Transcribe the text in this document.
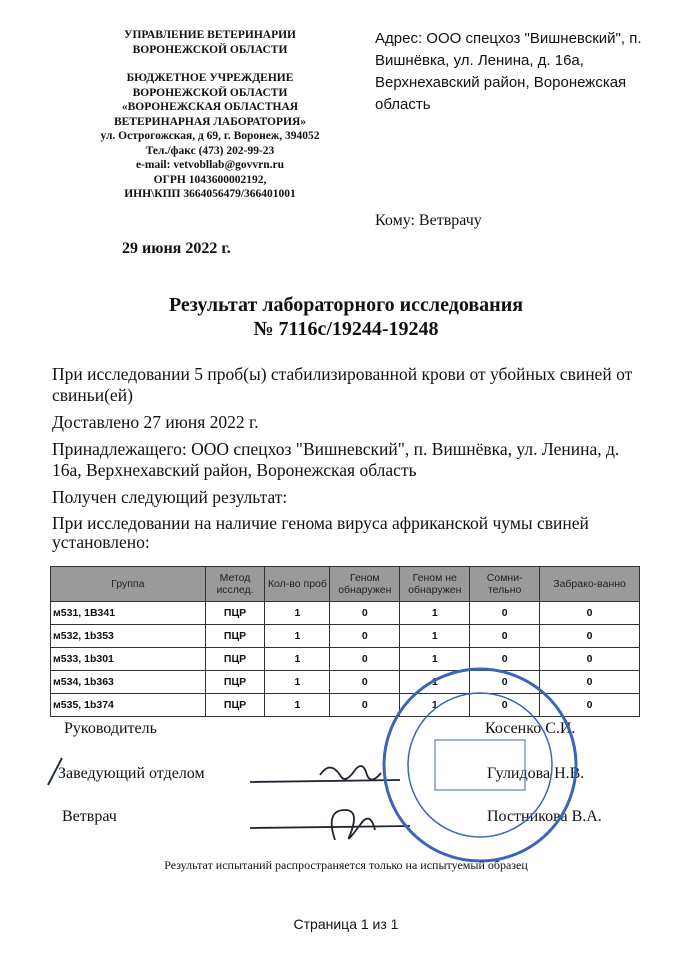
УПРАВЛЕНИЕ ВЕТЕРИНАРИИ
ВОРОНЕЖСКОЙ ОБЛАСТИ
БЮДЖЕТНОЕ УЧРЕЖДЕНИЕ
ВОРОНЕЖСКОЙ ОБЛАСТИ
«ВОРОНЕЖСКАЯ ОБЛАСТНАЯ
ВЕТЕРИНАРНАЯ ЛАБОРАТОРИЯ»
ул. Острогожская, д 69, г. Воронеж, 394052
Тел./факс (473) 202-99-23
e-mail: vetvobllab@govvrn.ru
ОГРН 1043600002192,
ИНН\КПП 3664056479/366401001
Адрес: ООО спецхоз "Вишневский", п. Вишнёвка, ул. Ленина, д. 16а, Верхнехавский район, Воронежская область
Кому: Ветврачу
29 июня 2022 г.
Результат лабораторного исследования
№ 7116с/19244-19248

При исследовании 5 проб(ы) стабилизированной крови от убойных свиней от свиньи(ей)

Доставлено 27 июня 2022 г.

Принадлежащего: ООО спецхоз "Вишневский", п. Вишнёвка, ул. Ленина, д. 16а, Верхнехавский район, Воронежская область

Получен следующий результат:

При исследовании на наличие генома вируса африканской чумы свиней установлено:

Группа	Метод исслед.	Кол-во проб	Геном обнаружен	Геном не обнаружен	Сомни-тельно	Забрако-ванно
м531, 1В341	ПЦР	1	0	1	0	0
м532, 1b353	ПЦР	1	0	1	0	0
м533, 1b301	ПЦР	1	0	1	0	0
м534, 1b363	ПЦР	1	0	1	0	0
м535, 1b374	ПЦР	1	0	1	0	0
Руководитель	Косенко С.И.
Заведующий отделом	Гулидова Н.В.
Ветврач	Постникова В.А.
Результат испытаний распространяется только на испытуемый образец
Страница 1 из 1
